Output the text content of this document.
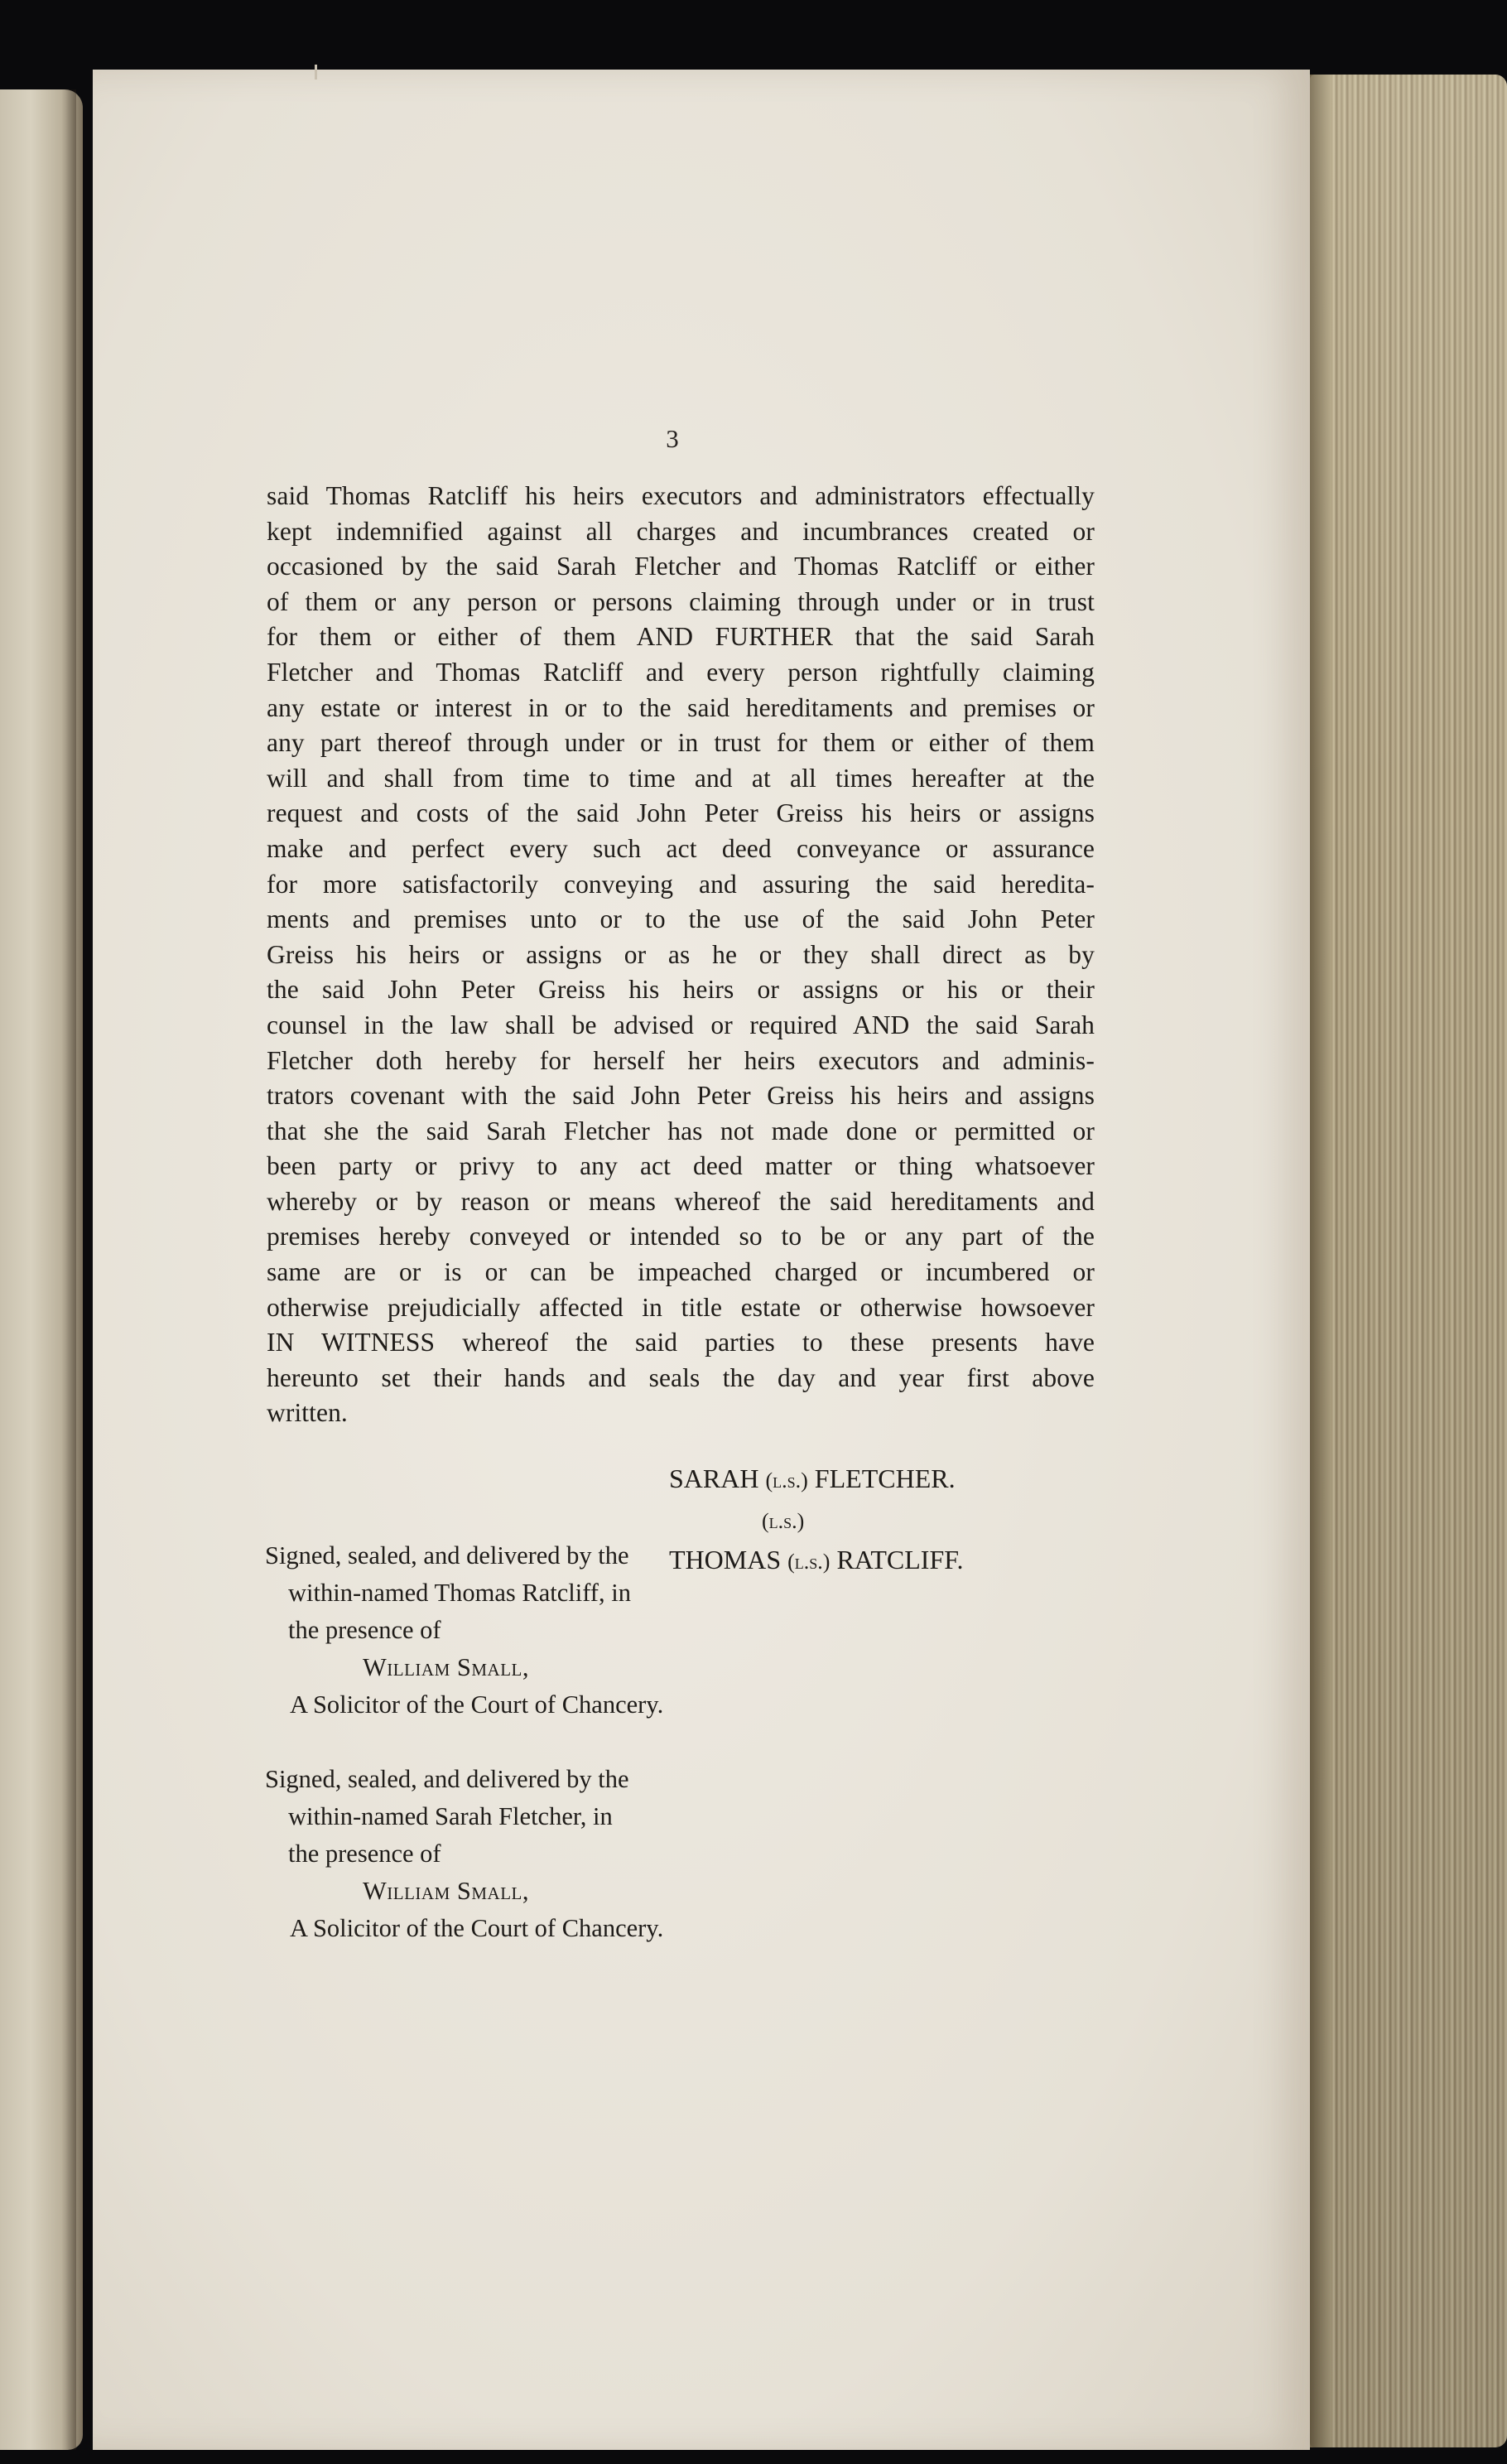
3
said Thomas Ratcliff his heirs executors and administrators effectually
kept indemnified against all charges and incumbrances created or
occasioned by the said Sarah Fletcher and Thomas Ratcliff or either
of them or any person or persons claiming through under or in trust
for them or either of them AND FURTHER that the said Sarah
Fletcher and Thomas Ratcliff and every person rightfully claiming
any estate or interest in or to the said hereditaments and premises or
any part thereof through under or in trust for them or either of them
will and shall from time to time and at all times hereafter at the
request and costs of the said John Peter Greiss his heirs or assigns
make and perfect every such act deed conveyance or assurance
for more satisfactorily conveying and assuring the said heredita-
ments and premises unto or to the use of the said John Peter
Greiss his heirs or assigns or as he or they shall direct as by
the said John Peter Greiss his heirs or assigns or his or their
counsel in the law shall be advised or required AND the said Sarah
Fletcher doth hereby for herself her heirs executors and adminis-
trators covenant with the said John Peter Greiss his heirs and assigns
that she the said Sarah Fletcher has not made done or permitted or
been party or privy to any act deed matter or thing whatsoever
whereby or by reason or means whereof the said hereditaments and
premises hereby conveyed or intended so to be or any part of the
same are or is or can be impeached charged or incumbered or
otherwise prejudicially affected in title estate or otherwise howsoever
IN WITNESS whereof the said parties to these presents have
hereunto set their hands and seals the day and year first above
written.
SARAH (l.s.) FLETCHER.
(l.s.)
THOMAS (l.s.) RATCLIFF.
Signed, sealed, and delivered by the
within-named Thomas Ratcliff, in
the presence of
William Small,
A Solicitor of the Court of Chancery.
Signed, sealed, and delivered by the
within-named Sarah Fletcher, in
the presence of
William Small,
A Solicitor of the Court of Chancery.
